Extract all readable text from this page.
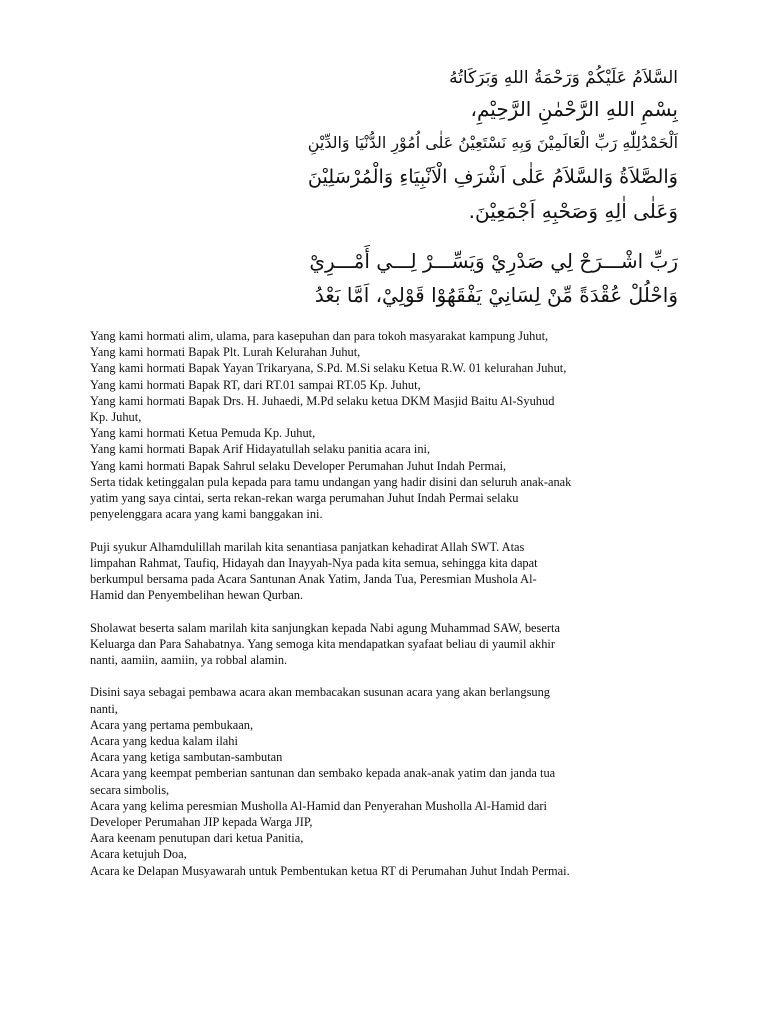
السَّلاَمُ عَلَيْكُمْ وَرَحْمَةُ اللهِ وَبَرَكَاتُهُ
بِسْمِ اللهِ الرَّحْمٰنِ الرَّحِيْمِ،
اَلْحَمْدُلِلّٰهِ رَبِّ الْعَالَمِيْنَ وَبِهِ نَسْتَعِيْنُ عَلٰى اُمُوْرِ الدُّنْيَا وَالدِّيْنِ
وَالصَّلاَةُ وَالسَّلاَمُ عَلٰى اَشْرَفِ الْاَنْبِيَاءِ وَالْمُرْسَلِيْنَ
وَعَلٰى اٰلِهِ وَصَحْبِهِ اَجْمَعِيْنَ.
رَبِّ اشْـــرَحْ لِي صَدْرِيْ وَيَسِّـــرْ لِـــي أَمْـــرِيْ
وَاحْلُلْ عُقْدَةً مِّنْ لِسَانِيْ يَفْقَهُوْا قَوْلِيْ، اَمَّا بَعْدُ
Yang kami hormati alim, ulama, para kasepuhan dan para tokoh masyarakat kampung Juhut,
Yang kami hormati Bapak Plt. Lurah Kelurahan Juhut,
Yang kami hormati Bapak Yayan Trikaryana, S.Pd. M.Si selaku Ketua R.W. 01 kelurahan Juhut,
Yang kami hormati Bapak RT, dari RT.01 sampai RT.05 Kp. Juhut,
Yang kami hormati Bapak Drs. H. Juhaedi, M.Pd selaku ketua DKM Masjid Baitu Al-Syuhud
Kp. Juhut,
Yang kami hormati Ketua Pemuda Kp. Juhut,
Yang kami hormati Bapak Arif Hidayatullah selaku panitia acara ini,
Yang kami hormati Bapak Sahrul selaku Developer Perumahan Juhut Indah Permai,
Serta tidak ketinggalan pula kepada para tamu undangan yang hadir disini dan seluruh anak-anak
yatim yang saya cintai, serta rekan-rekan warga perumahan Juhut Indah Permai selaku
penyelenggara acara yang kami banggakan ini.
Puji syukur Alhamdulillah marilah kita senantiasa panjatkan kehadirat Allah SWT. Atas
limpahan Rahmat, Taufiq, Hidayah dan Inayyah-Nya pada kita semua, sehingga kita dapat
berkumpul bersama pada Acara Santunan Anak Yatim, Janda Tua, Peresmian Mushola Al-
Hamid dan Penyembelihan hewan Qurban.
Sholawat beserta salam marilah kita sanjungkan kepada Nabi agung Muhammad SAW, beserta
Keluarga dan Para Sahabatnya. Yang semoga kita mendapatkan syafaat beliau di yaumil akhir
nanti, aamiin, aamiin, ya robbal alamin.
Disini saya sebagai pembawa acara akan membacakan susunan acara yang akan berlangsung
nanti,
Acara yang pertama pembukaan,
Acara yang kedua kalam ilahi
Acara yang ketiga sambutan-sambutan
Acara yang keempat pemberian santunan dan sembako kepada anak-anak yatim dan janda tua
secara simbolis,
Acara yang kelima peresmian Musholla Al-Hamid dan Penyerahan Musholla Al-Hamid dari
Developer Perumahan JIP kepada Warga JIP,
Aara keenam penutupan dari ketua Panitia,
Acara ketujuh Doa,
Acara ke Delapan Musyawarah untuk Pembentukan ketua RT di Perumahan Juhut Indah Permai.
